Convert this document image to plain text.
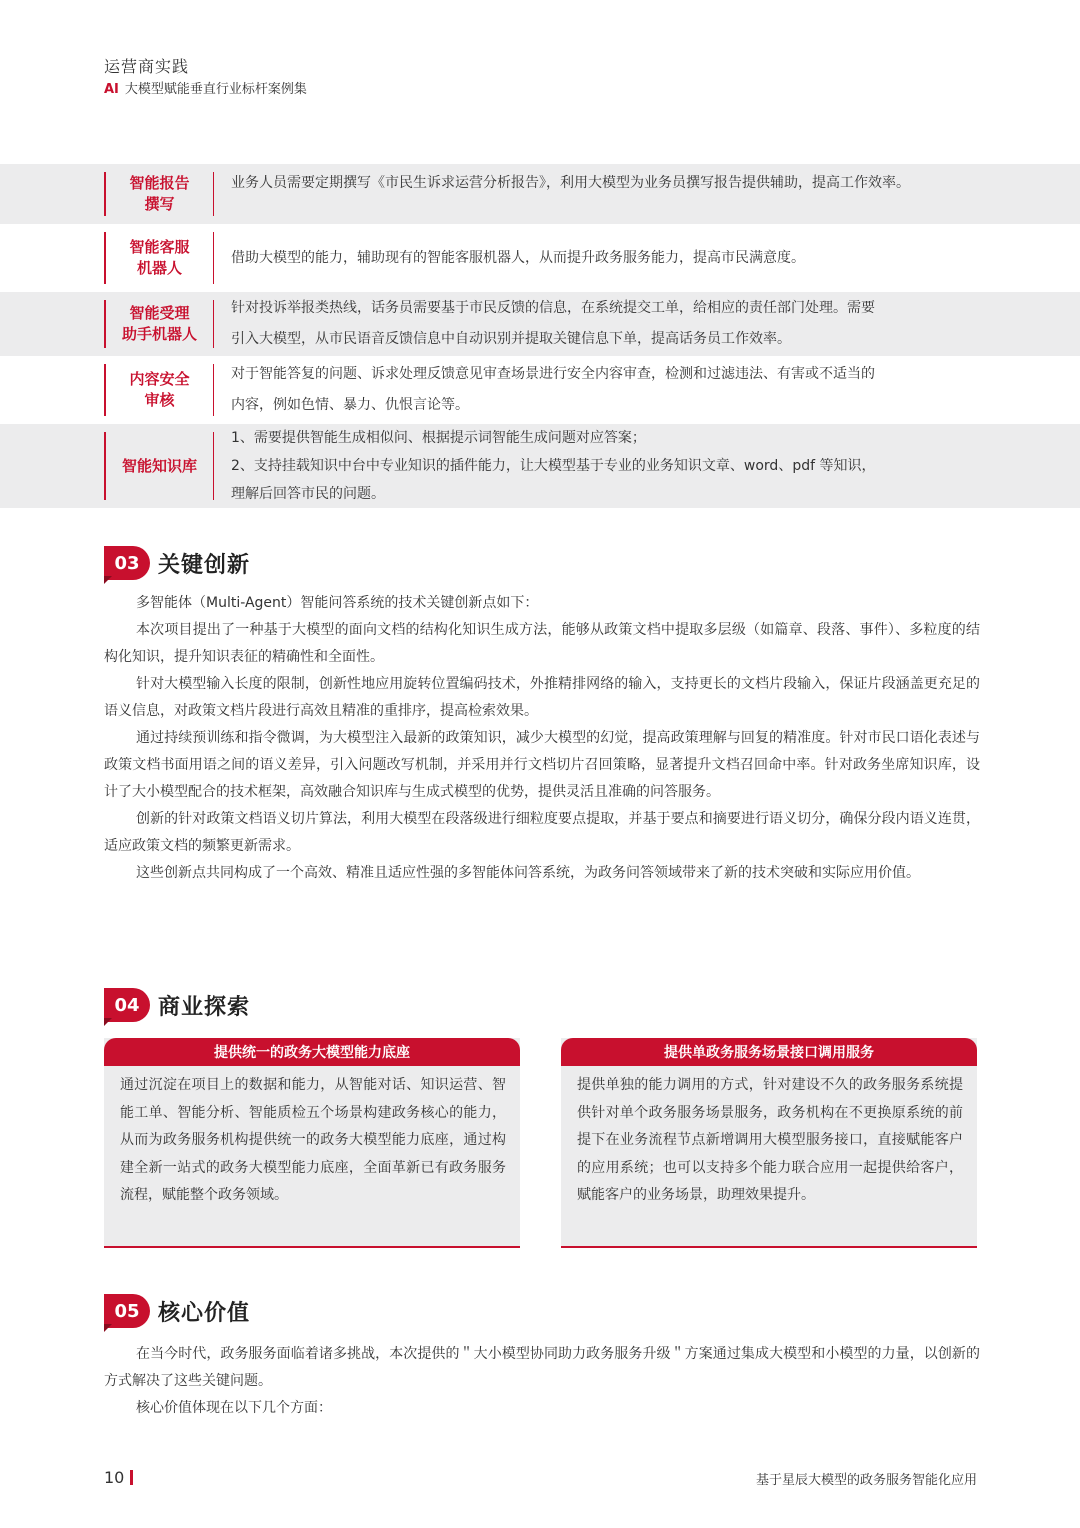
运营商实践
AI 大模型赋能垂直行业标杆案例集
智能报告
撰写
业务人员需要定期撰写《市民生诉求运营分析报告》，利用大模型为业务员撰写报告提供辅助，提高工作效率。
智能客服
机器人
借助大模型的能力，辅助现有的智能客服机器人，从而提升政务服务能力，提高市民满意度。
智能受理
助手机器人
针对投诉举报类热线，话务员需要基于市民反馈的信息，在系统提交工单，给相应的责任部门处理。需要
引入大模型，从市民语音反馈信息中自动识别并提取关键信息下单，提高话务员工作效率。
内容安全
审核
对于智能答复的问题、诉求处理反馈意见审查场景进行安全内容审查，检测和过滤违法、有害或不适当的
内容，例如色情、暴力、仇恨言论等。
智能知识库
1、需要提供智能生成相似问、根据提示词智能生成问题对应答案；
2、支持挂载知识中台中专业知识的插件能力，让大模型基于专业的业务知识文章、word、pdf 等知识，
理解后回答市民的问题。
03 关键创新

多智能体（Multi-Agent）智能问答系统的技术关键创新点如下：

本次项目提出了一种基于大模型的面向文档的结构化知识生成方法，能够从政策文档中提取多层级（如篇章、段落、事件）、多粒度的结构化知识，提升知识表征的精确性和全面性。

针对大模型输入长度的限制，创新性地应用旋转位置编码技术，外推精排网络的输入，支持更长的文档片段输入，保证片段涵盖更充足的语义信息，对政策文档片段进行高效且精准的重排序，提高检索效果。

通过持续预训练和指令微调，为大模型注入最新的政策知识，减少大模型的幻觉，提高政策理解与回复的精准度。针对市民口语化表述与政策文档书面用语之间的语义差异，引入问题改写机制，并采用并行文档切片召回策略，显著提升文档召回命中率。针对政务坐席知识库，设计了大小模型配合的技术框架，高效融合知识库与生成式模型的优势，提供灵活且准确的问答服务。

创新的针对政策文档语义切片算法，利用大模型在段落级进行细粒度要点提取，并基于要点和摘要进行语义切分，确保分段内语义连贯，适应政策文档的频繁更新需求。

这些创新点共同构成了一个高效、精准且适应性强的多智能体问答系统，为政务问答领域带来了新的技术突破和实际应用价值。

04 商业探索
提供统一的政务大模型能力底座
通过沉淀在项目上的数据和能力，从智能对话、知识运营、智能工单、智能分析、智能质检五个场景构建政务核心的能力，从而为政务服务机构提供统一的政务大模型能力底座，通过构建全新一站式的政务大模型能力底座，全面革新已有政务服务流程，赋能整个政务领域。
提供单政务服务场景接口调用服务
提供单独的能力调用的方式，针对建设不久的政务服务系统提供针对单个政务服务场景服务，政务机构在不更换原系统的前提下在业务流程节点新增调用大模型服务接口，直接赋能客户的应用系统；也可以支持多个能力联合应用一起提供给客户，赋能客户的业务场景，助理效果提升。
05 核心价值

在当今时代，政务服务面临着诸多挑战，本次提供的＂大小模型协同助力政务服务升级＂方案通过集成大模型和小模型的力量，以创新的方式解决了这些关键问题。

核心价值体现在以下几个方面：

10	基于星辰大模型的政务服务智能化应用
